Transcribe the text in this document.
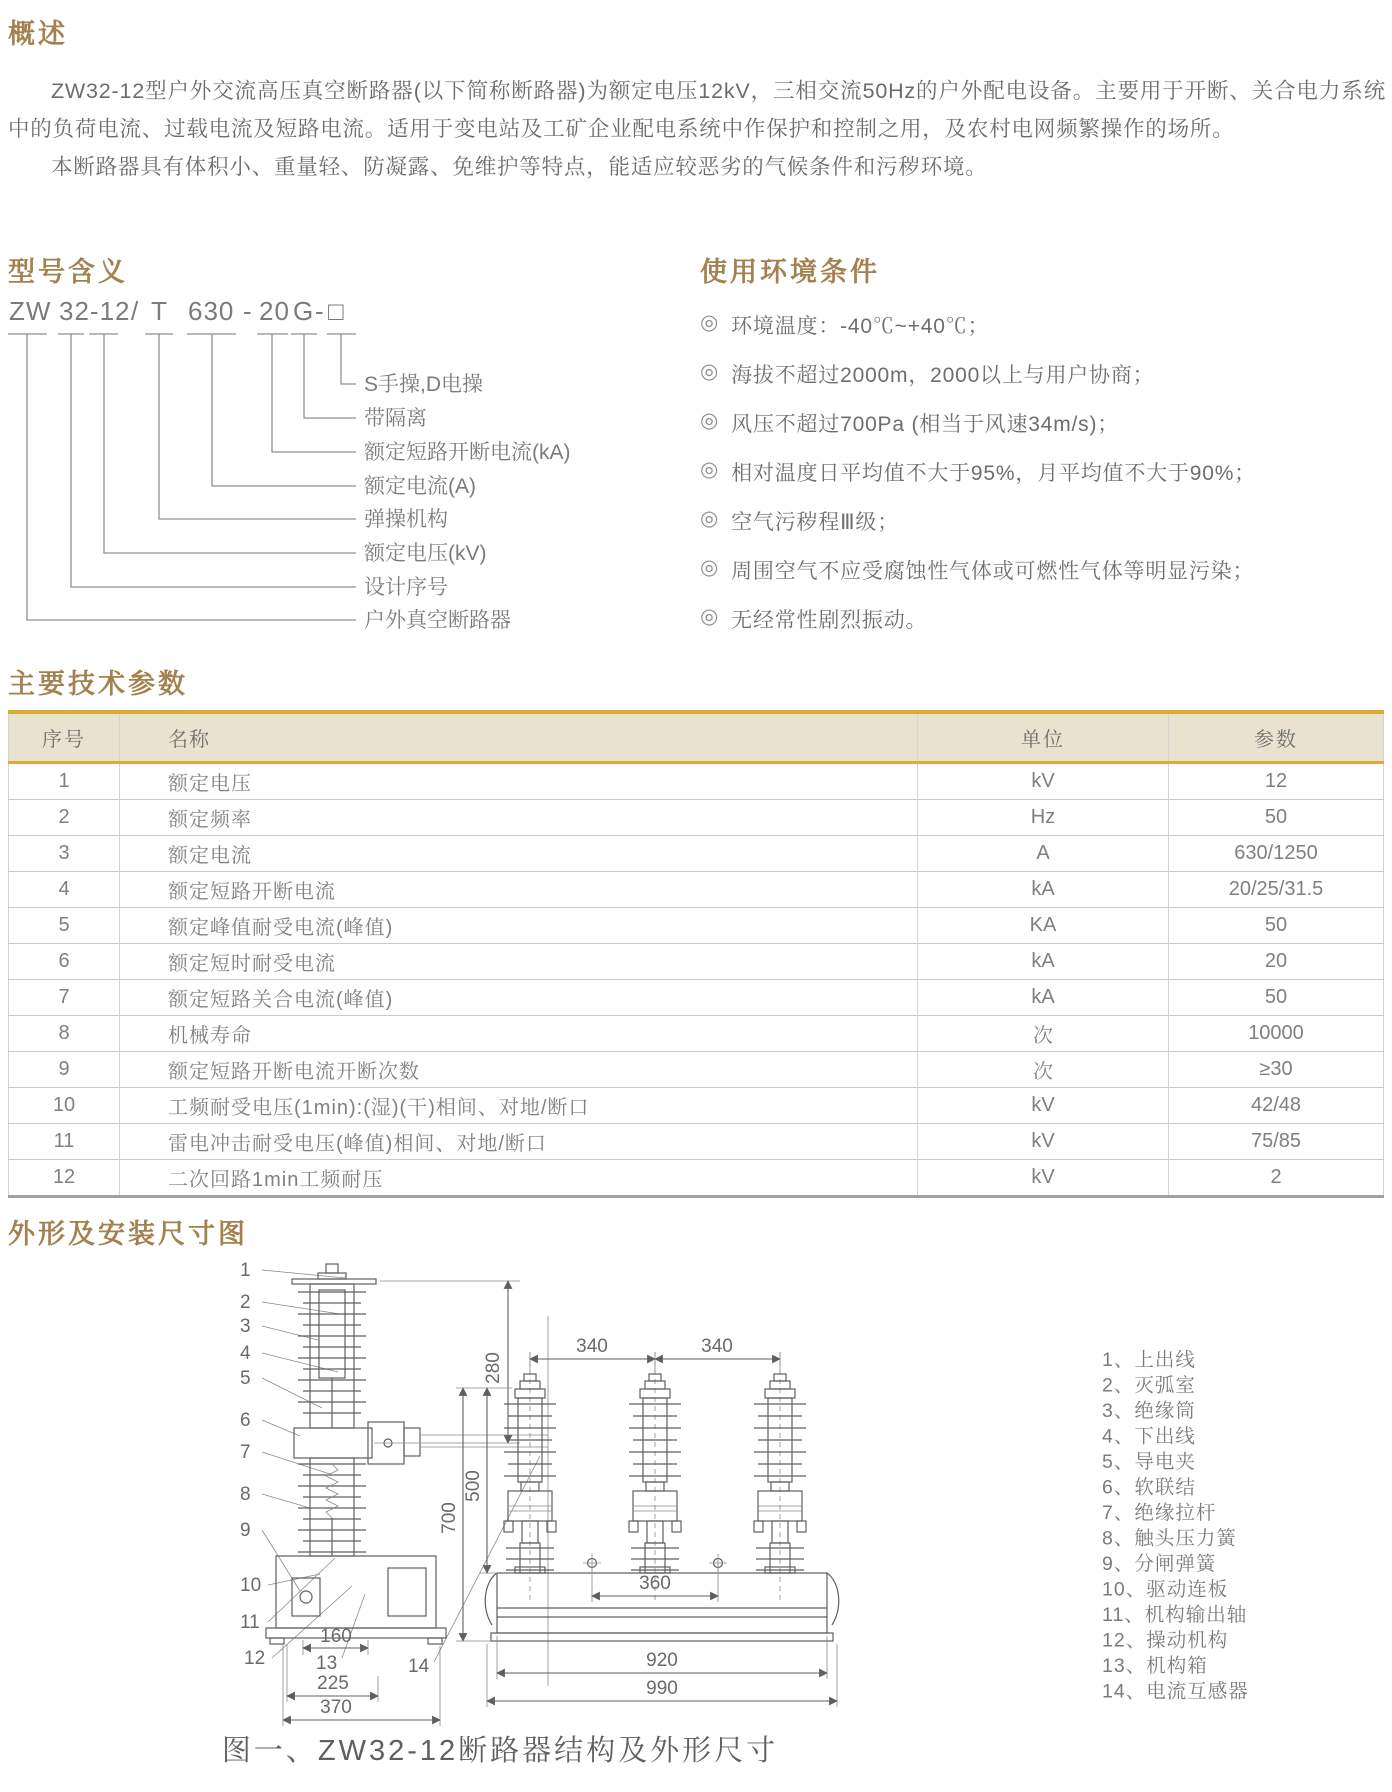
概述

ZW32-12型户外交流高压真空断路器(以下简称断路器)为额定电压12kV，三相交流50Hz的户外配电设备。主要用于开断、关合电力系统中的负荷电流、过载电流及短路电流。适用于变电站及工矿企业配电系统中作保护和控制之用，及农村电网频繁操作的场所。

本断路器具有体积小、重量轻、防凝露、免维护等特点，能适应较恶劣的气候条件和污秽环境。

型号含义	使用环境条件
ZW 32-12 / T 630 - 20 G - □
S手操,D电操
带隔离
额定短路开断电流(kA)
额定电流(A)
弹操机构
额定电压(kV)
设计序号
户外真空断路器
◎ 环境温度：-40℃~+40℃；
◎ 海拔不超过2000m，2000以上与用户协商；
◎ 风压不超过700Pa (相当于风速34m/s)；
◎ 相对温度日平均值不大于95%，月平均值不大于90%；
◎ 空气污秽程Ⅲ级；
◎ 周围空气不应受腐蚀性气体或可燃性气体等明显污染；
◎ 无经常性剧烈振动。
主要技术参数
序号	名称	单位	参数
1	额定电压	kV	12
2	额定频率	Hz	50
3	额定电流	A	630/1250
4	额定短路开断电流	kA	20/25/31.5
5	额定峰值耐受电流(峰值)	KA	50
6	额定短时耐受电流	kA	20
7	额定短路关合电流(峰值)	kA	50
8	机械寿命	次	10000
9	额定短路开断电流开断次数	次	≥30
10	工频耐受电压(1min):(湿)(干)相间、对地/断口	kV	42/48
11	雷电冲击耐受电压(峰值)相间、对地/断口	kV	75/85
12	二次回路1min工频耐压	kV	2
外形及安装尺寸图
280
160
225
370
340	340
500
700
360
920
990
1
2
3
4
5
6
7
8
9
10
11
12	13	14
1、上出线
2、灭弧室
3、绝缘筒
4、下出线
5、导电夹
6、软联结
7、绝缘拉杆
8、触头压力簧
9、分闸弹簧
10、驱动连板
11、机构输出轴
12、操动机构
13、机构箱
14、电流互感器

图一、ZW32-12断路器结构及外形尺寸
